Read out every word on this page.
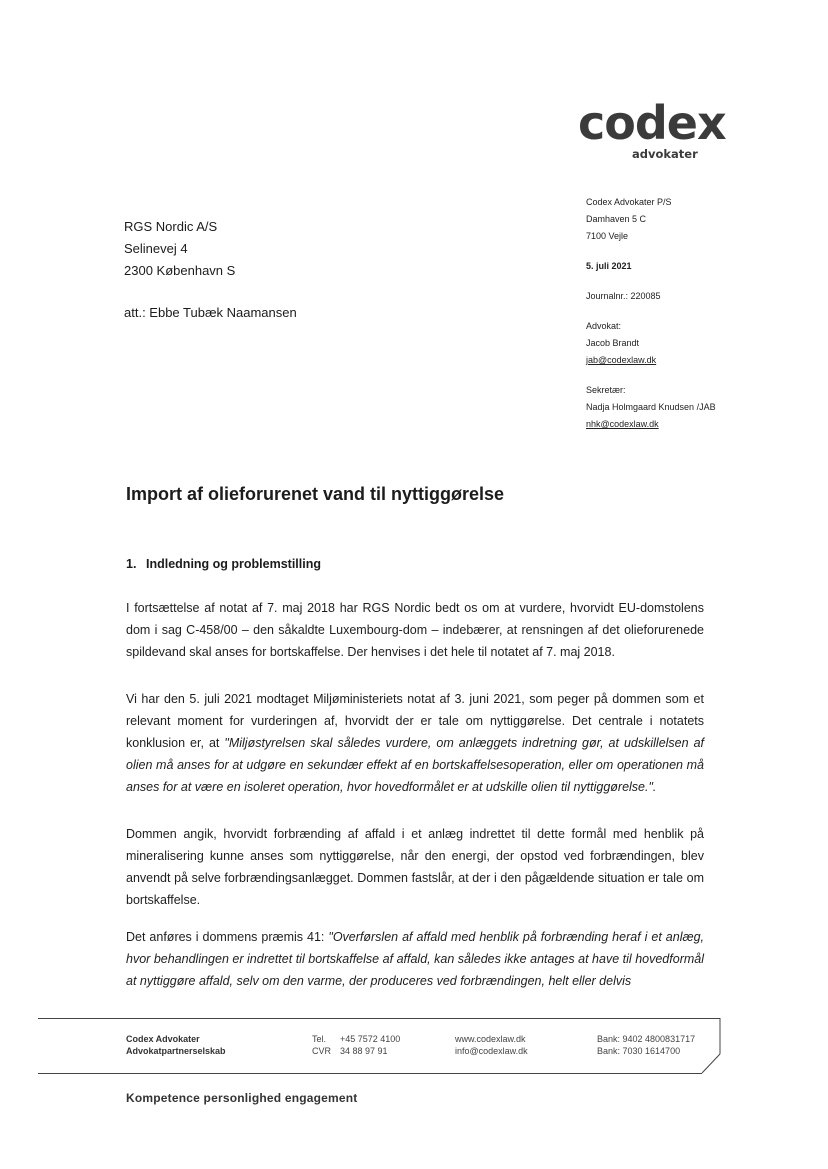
codex
advokater
RGS Nordic A/S
Selinevej 4
2300 København S
att.: Ebbe Tubæk Naamansen
Codex Advokater P/S
Damhaven 5 C
7100 Vejle
5. juli 2021
Journalnr.: 220085
Advokat:
Jacob Brandt
jab@codexlaw.dk
Sekretær:
Nadja Holmgaard Knudsen /JAB
nhk@codexlaw.dk
Import af olieforurenet vand til nyttiggørelse
1. Indledning og problemstilling
I fortsættelse af notat af 7. maj 2018 har RGS Nordic bedt os om at vurdere, hvorvidt EU-domstolens dom i sag C-458/00 – den såkaldte Luxembourg-dom – indebærer, at rensningen af det olieforurenede spildevand skal anses for bortskaffelse. Der henvises i det hele til notatet af 7. maj 2018.
Vi har den 5. juli 2021 modtaget Miljøministeriets notat af 3. juni 2021, som peger på dommen som et relevant moment for vurderingen af, hvorvidt der er tale om nyttiggørelse. Det centrale i notatets konklusion er, at "Miljøstyrelsen skal således vurdere, om anlæggets indretning gør, at udskillelsen af olien må anses for at udgøre en sekundær effekt af en bortskaffelsesoperation, eller om operationen må anses for at være en isoleret operation, hvor hovedformålet er at udskille olien til nyttiggørelse.".
Dommen angik, hvorvidt forbrænding af affald i et anlæg indrettet til dette formål med henblik på mineralisering kunne anses som nyttiggørelse, når den energi, der opstod ved forbrændingen, blev anvendt på selve forbrændingsanlægget. Dommen fastslår, at der i den pågældende situation er tale om bortskaffelse.
Det anføres i dommens præmis 41: "Overførslen af affald med henblik på forbrænding heraf i et anlæg, hvor behandlingen er indrettet til bortskaffelse af affald, kan således ikke antages at have til hovedformål at nyttiggøre affald, selv om den varme, der produceres ved forbrændingen, helt eller delvis
Codex Advokater
Advokatpartnerselskab
Tel. +45 7572 4100
CVR 34 88 97 91
www.codexlaw.dk
info@codexlaw.dk
Bank: 9402 4800831717
Bank: 7030 1614700
Kompetence personlighed engagement
